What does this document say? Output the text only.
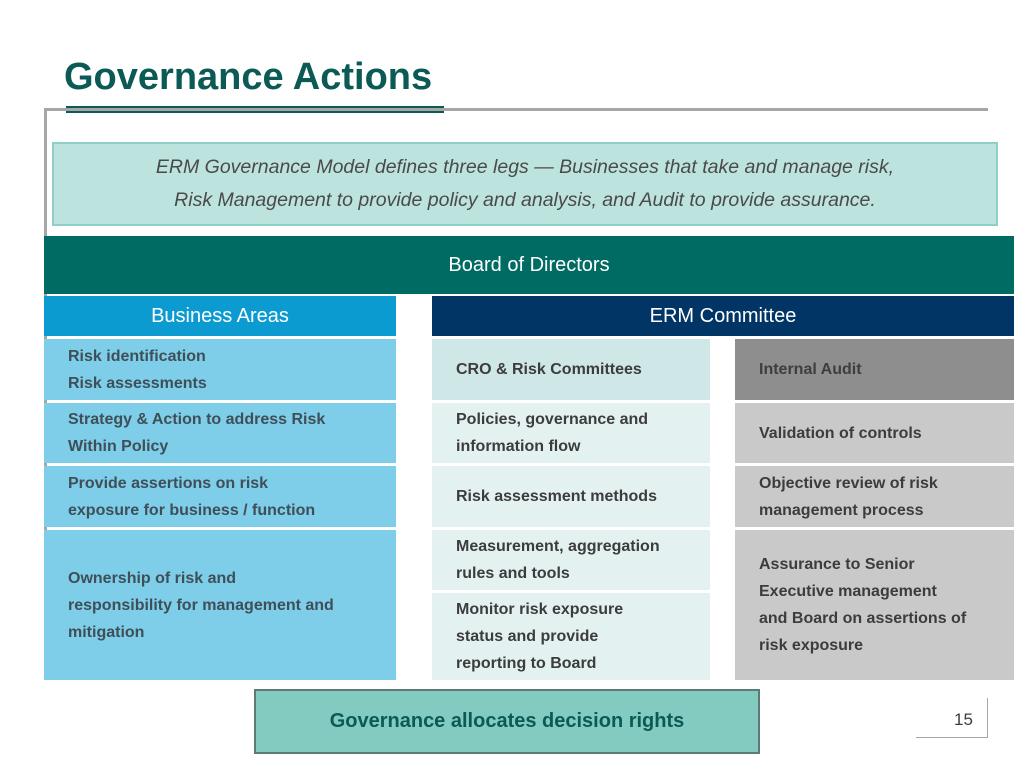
Governance Actions
ERM Governance Model defines three legs — Businesses that take and manage risk,
Risk Management to provide policy and analysis, and Audit to provide assurance.
Board of Directors
Business Areas	ERM Committee
Risk identification
Risk assessments
Strategy & Action to address Risk
Within Policy
Provide assertions on risk
exposure for business / function
Ownership of risk and
responsibility for management and
mitigation
CRO & Risk Committees
Policies, governance and
information flow
Risk assessment methods
Measurement, aggregation
rules and tools
Monitor risk exposure
status and provide
reporting to Board
Internal Audit
Validation of controls
Objective review of risk
management process
Assurance to Senior
Executive management
and Board on assertions of
risk exposure
Governance allocates decision rights	15
